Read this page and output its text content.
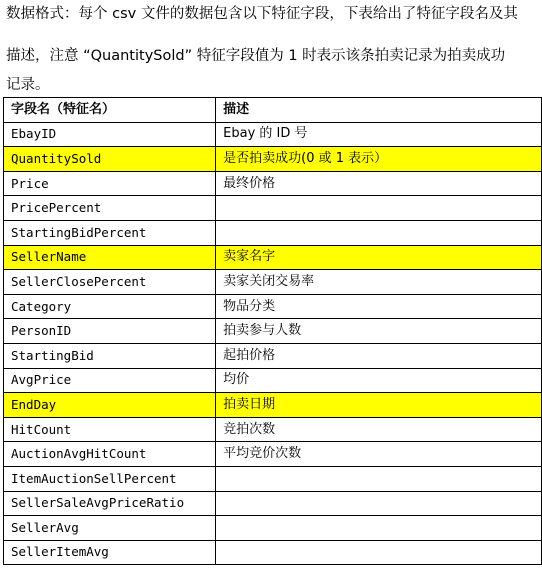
数据格式：每个 csv 文件的数据包含以下特征字段，下表给出了特征字段名及其

描述，注意 “QuantitySold” 特征字段值为 1 时表示该条拍卖记录为拍卖成功

记录。

字段名（特征名）	描述
EbayID	Ebay 的 ID 号
QuantitySold	是否拍卖成功(0 或 1 表示）
Price	最终价格
PricePercent	
StartingBidPercent	
SellerName	卖家名字
SellerClosePercent	卖家关闭交易率
Category	物品分类
PersonID	拍卖参与人数
StartingBid	起拍价格
AvgPrice	均价
EndDay	拍卖日期
HitCount	竞拍次数
AuctionAvgHitCount	平均竞价次数
ItemAuctionSellPercent	
SellerSaleAvgPriceRatio	
SellerAvg	
SellerItemAvg	
